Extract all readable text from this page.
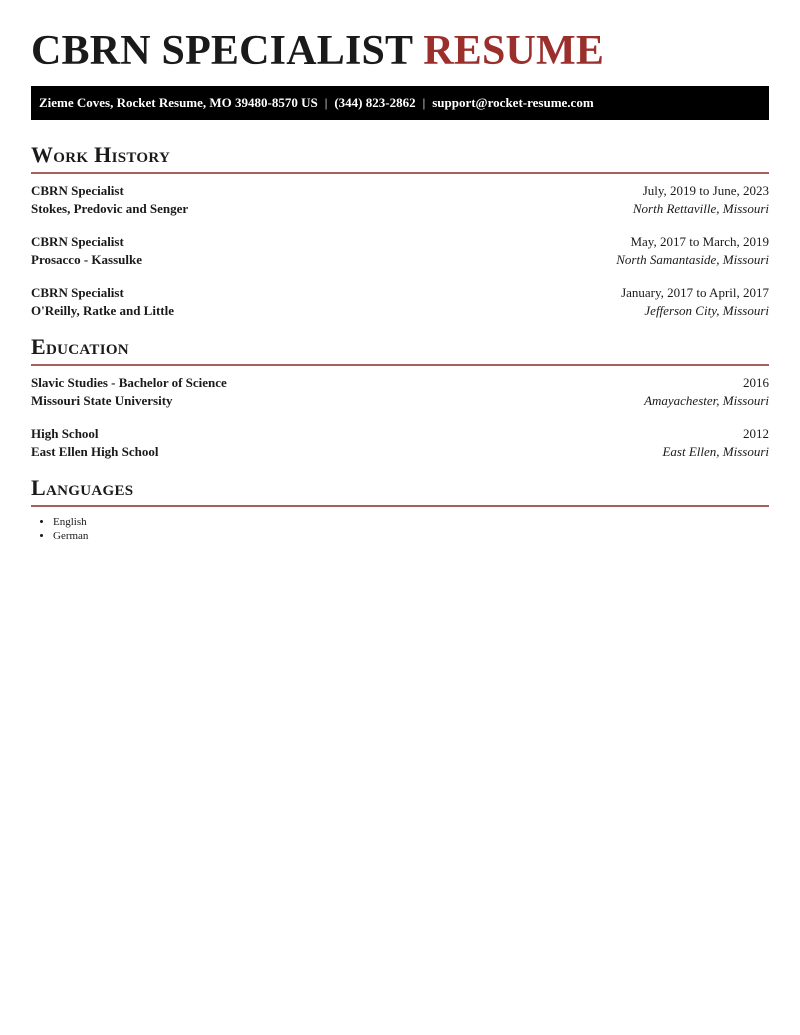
CBRN SPECIALIST RESUME
Zieme Coves, Rocket Resume, MO 39480-8570 US | (344) 823-2862 | support@rocket-resume.com
Work History
CBRN Specialist	July, 2019 to June, 2023
Stokes, Predovic and Senger	North Rettaville, Missouri
CBRN Specialist	May, 2017 to March, 2019
Prosacco - Kassulke	North Samantaside, Missouri
CBRN Specialist	January, 2017 to April, 2017
O'Reilly, Ratke and Little	Jefferson City, Missouri
Education
Slavic Studies - Bachelor of Science	2016
Missouri State University	Amayachester, Missouri
High School	2012
East Ellen High School	East Ellen, Missouri
Languages
• English
• German
